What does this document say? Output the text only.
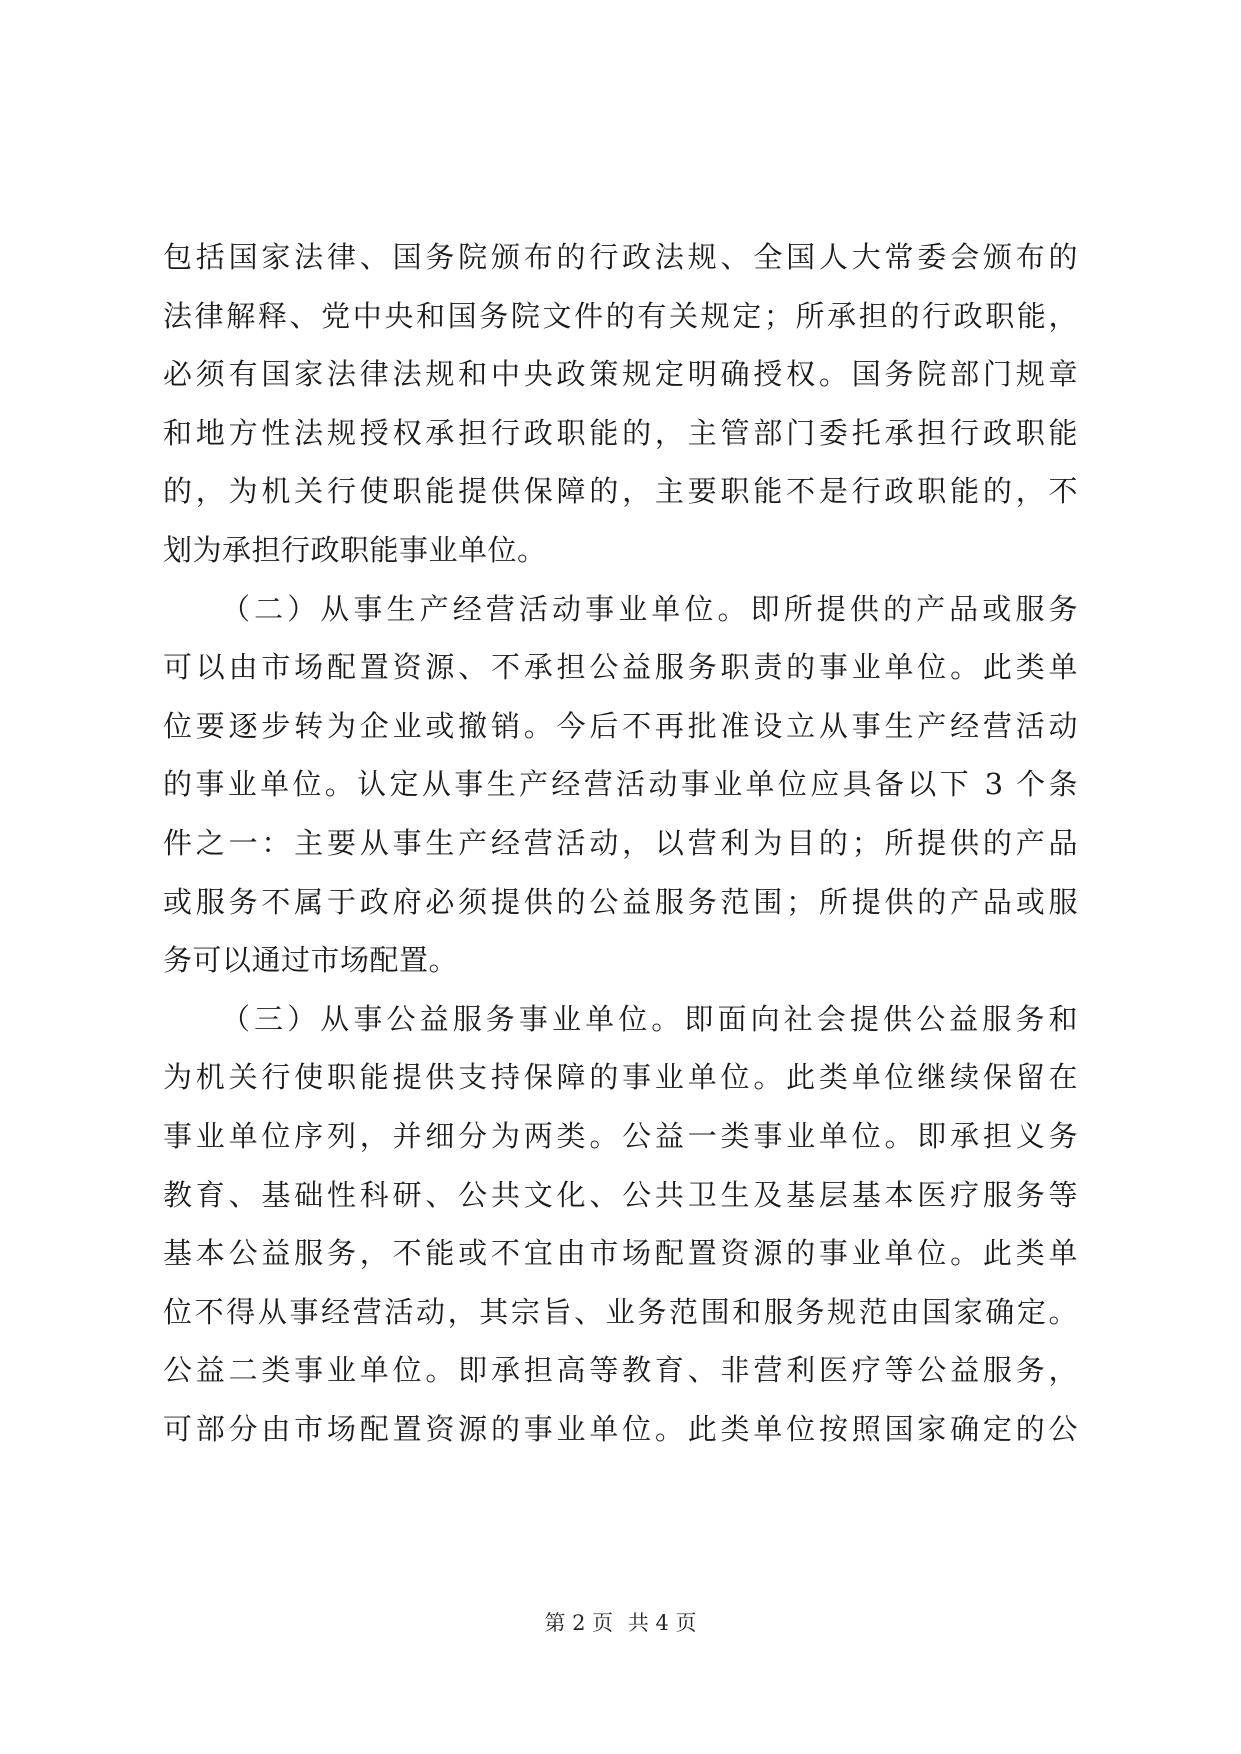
包括国家法律、国务院颁布的行政法规、全国人大常委会颁布的
法律解释、党中央和国务院文件的有关规定；所承担的行政职能，
必须有国家法律法规和中央政策规定明确授权。国务院部门规章
和地方性法规授权承担行政职能的，主管部门委托承担行政职能
的，为机关行使职能提供保障的，主要职能不是行政职能的，不
划为承担行政职能事业单位。
（二）从事生产经营活动事业单位。即所提供的产品或服务
可以由市场配置资源、不承担公益服务职责的事业单位。此类单
位要逐步转为企业或撤销。今后不再批准设立从事生产经营活动
的事业单位。认定从事生产经营活动事业单位应具备以下 3 个条
件之一：主要从事生产经营活动，以营利为目的；所提供的产品
或服务不属于政府必须提供的公益服务范围；所提供的产品或服
务可以通过市场配置。
（三）从事公益服务事业单位。即面向社会提供公益服务和
为机关行使职能提供支持保障的事业单位。此类单位继续保留在
事业单位序列，并细分为两类。公益一类事业单位。即承担义务
教育、基础性科研、公共文化、公共卫生及基层基本医疗服务等
基本公益服务，不能或不宜由市场配置资源的事业单位。此类单
位不得从事经营活动，其宗旨、业务范围和服务规范由国家确定。
公益二类事业单位。即承担高等教育、非营利医疗等公益服务，
可部分由市场配置资源的事业单位。此类单位按照国家确定的公
第 2 页 共 4 页
